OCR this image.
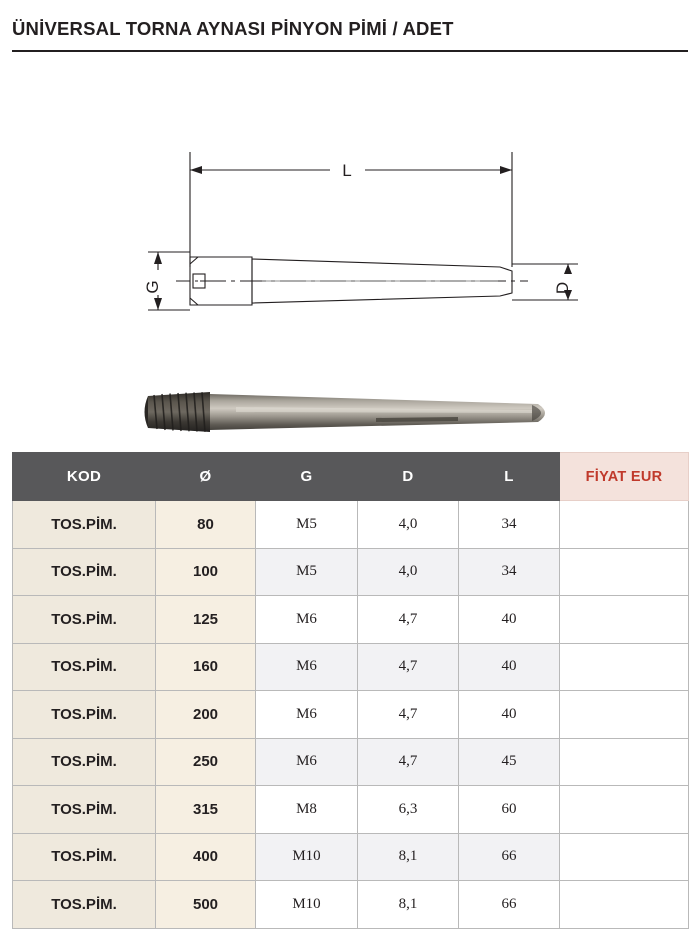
ÜNİVERSAL TORNA AYNASI PİNYON PİMİ / ADET
L
G	D
KOD	Ø	G	D	L	FİYAT EUR
TOS.PİM.	80	M5	4,0	34	
TOS.PİM.	100	M5	4,0	34	
TOS.PİM.	125	M6	4,7	40	
TOS.PİM.	160	M6	4,7	40	
TOS.PİM.	200	M6	4,7	40	
TOS.PİM.	250	M6	4,7	45	
TOS.PİM.	315	M8	6,3	60	
TOS.PİM.	400	M10	8,1	66	
TOS.PİM.	500	M10	8,1	66	
